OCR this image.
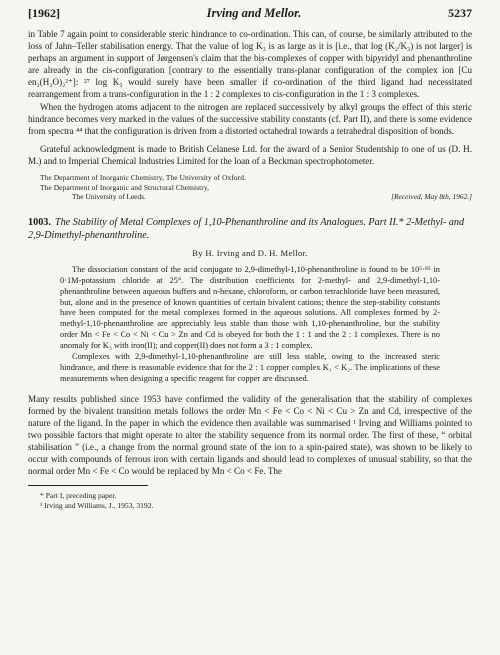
[1962]	Irving and Mellor.	5237

in Table 7 again point to considerable steric hindrance to co-ordination. This can, of course, be similarly attributed to the loss of Jahn–Teller stabilisation energy. That the value of log K₃ is as large as it is [i.e., that log (K₂/K₃) is not larger] is perhaps an argument in support of Jørgensen's claim that the bis-complexes of copper with bipyridyl and phenanthroline are already in the cis-configuration [contrary to the essentially trans-planar configuration of the complex ion [Cu en₂(H₂O)₂²⁺]: ²⁷ log K₃ would surely have been smaller if co-ordination of the third ligand had necessitated rearrangement from a trans-configuration in the 1 : 2 complexes to cis-configuration in the 1 : 3 complexes.

When the hydrogen atoms adjacent to the nitrogen are replaced successively by alkyl groups the effect of this steric hindrance becomes very marked in the values of the successive stability constants (cf. Part II), and there is some evidence from spectra ⁴⁴ that the configuration is driven from a distorted octahedral towards a tetrahedral disposition of bonds.

Grateful acknowledgment is made to British Celanese Ltd. for the award of a Senior Studentship to one of us (D. H. M.) and to Imperial Chemical Industries Limited for the loan of a Beckman spectrophotometer.

The Department of Inorganic Chemistry, The University of Oxford.
The Department of Inorganic and Structural Chemistry,
The University of Leeds.	[Received, May 8th, 1962.]
1003. The Stability of Metal Complexes of 1,10-Phenanthroline and its Analogues. Part II.* 2-Methyl- and 2,9-Dimethyl-phenanthroline.
By H. Irving and D. H. Mellor.

The dissociation constant of the acid conjugate to 2,9-dimethyl-1,10-phenanthroline is found to be 10⁵·⁸⁵ in 0·1M-potassium chloride at 25°. The distribution coefficients for 2-methyl- and 2,9-dimethyl-1,10-phenanthroline between aqueous buffers and n-hexane, chloroform, or carbon tetrachloride have been measured, but, alone and in the presence of known quantities of certain bivalent cations; thence the step-stability constants have been computed for the metal complexes formed in the aqueous solutions. All complexes formed by 2-methyl-1,10-phenanthroline are appreciably less stable than those with 1,10-phenanthroline, but the stability order Mn < Fe < Co < Ni < Cu > Zn and Cd is obeyed for both the 1 : 1 and the 2 : 1 complexes. There is no anomaly for K₃ with iron(II); and copper(II) does not form a 3 : 1 complex.

Complexes with 2,9-dimethyl-1,10-phenanthroline are still less stable, owing to the increased steric hindrance, and there is reasonable evidence that for the 2 : 1 copper complex K₁ < K₂. The implications of these measurements when designing a specific reagent for copper are discussed.

Many results published since 1953 have confirmed the validity of the generalisation that the stability of complexes formed by the bivalent transition metals follows the order Mn < Fe < Co < Ni < Cu > Zn and Cd, irrespective of the nature of the ligand. In the paper in which the evidence then available was summarised ¹ Irving and Williams pointed to two possible factors that might operate to alter the stability sequence from its normal order. The first of these, “ orbital stabilisation ” (i.e., a change from the normal ground state of the ion to a spin-paired state), was shown to be likely to occur with compounds of ferrous iron with certain ligands and should lead to complexes of unusual stability, so that the normal order Mn < Fe < Co would be replaced by Mn < Co < Fe. The

* Part I, preceding paper.
¹ Irving and Williams, J., 1953, 3192.
